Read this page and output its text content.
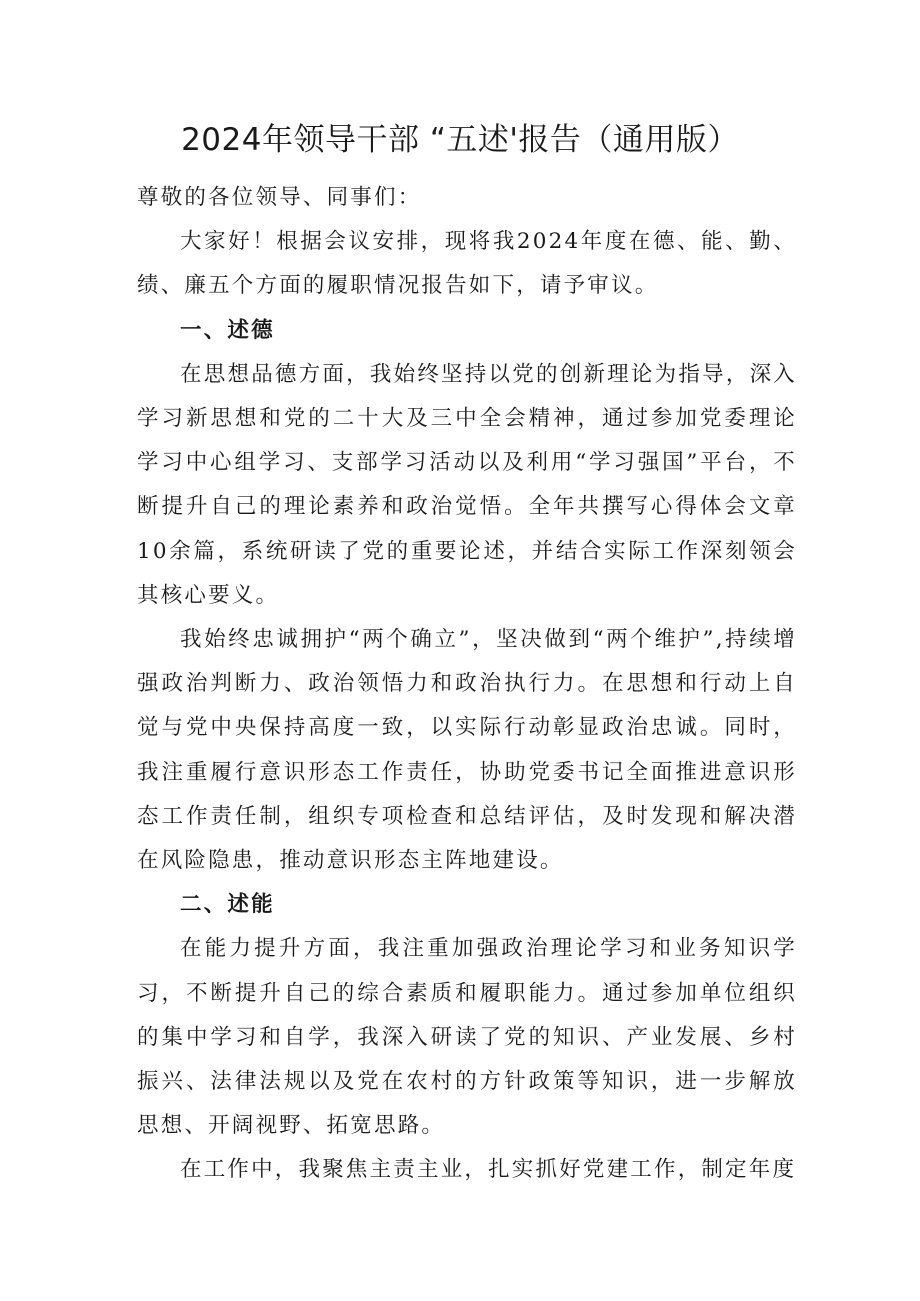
2024年领导干部 “五述'报告（通用版）

尊敬的各位领导、同事们：

大家好！根据会议安排，现将我2024年度在德、能、勤、绩、廉五个方面的履职情况报告如下，请予审议。

一、述德

在思想品德方面，我始终坚持以党的创新理论为指导，深入学习新思想和党的二十大及三中全会精神，通过参加党委理论学习中心组学习、支部学习活动以及利用“学习强国”平台，不断提升自己的理论素养和政治觉悟。全年共撰写心得体会文章10余篇，系统研读了党的重要论述，并结合实际工作深刻领会其核心要义。

我始终忠诚拥护“两个确立”，坚决做到“两个维护”,持续增强政治判断力、政治领悟力和政治执行力。在思想和行动上自觉与党中央保持高度一致，以实际行动彰显政治忠诚。同时，我注重履行意识形态工作责任，协助党委书记全面推进意识形态工作责任制，组织专项检查和总结评估，及时发现和解决潜在风险隐患，推动意识形态主阵地建设。

二、述能

在能力提升方面，我注重加强政治理论学习和业务知识学习，不断提升自己的综合素质和履职能力。通过参加单位组织的集中学习和自学，我深入研读了党的知识、产业发展、乡村振兴、法律法规以及党在农村的方针政策等知识，进一步解放思想、开阔视野、拓宽思路。

在工作中，我聚焦主责主业，扎实抓好党建工作，制定年度
